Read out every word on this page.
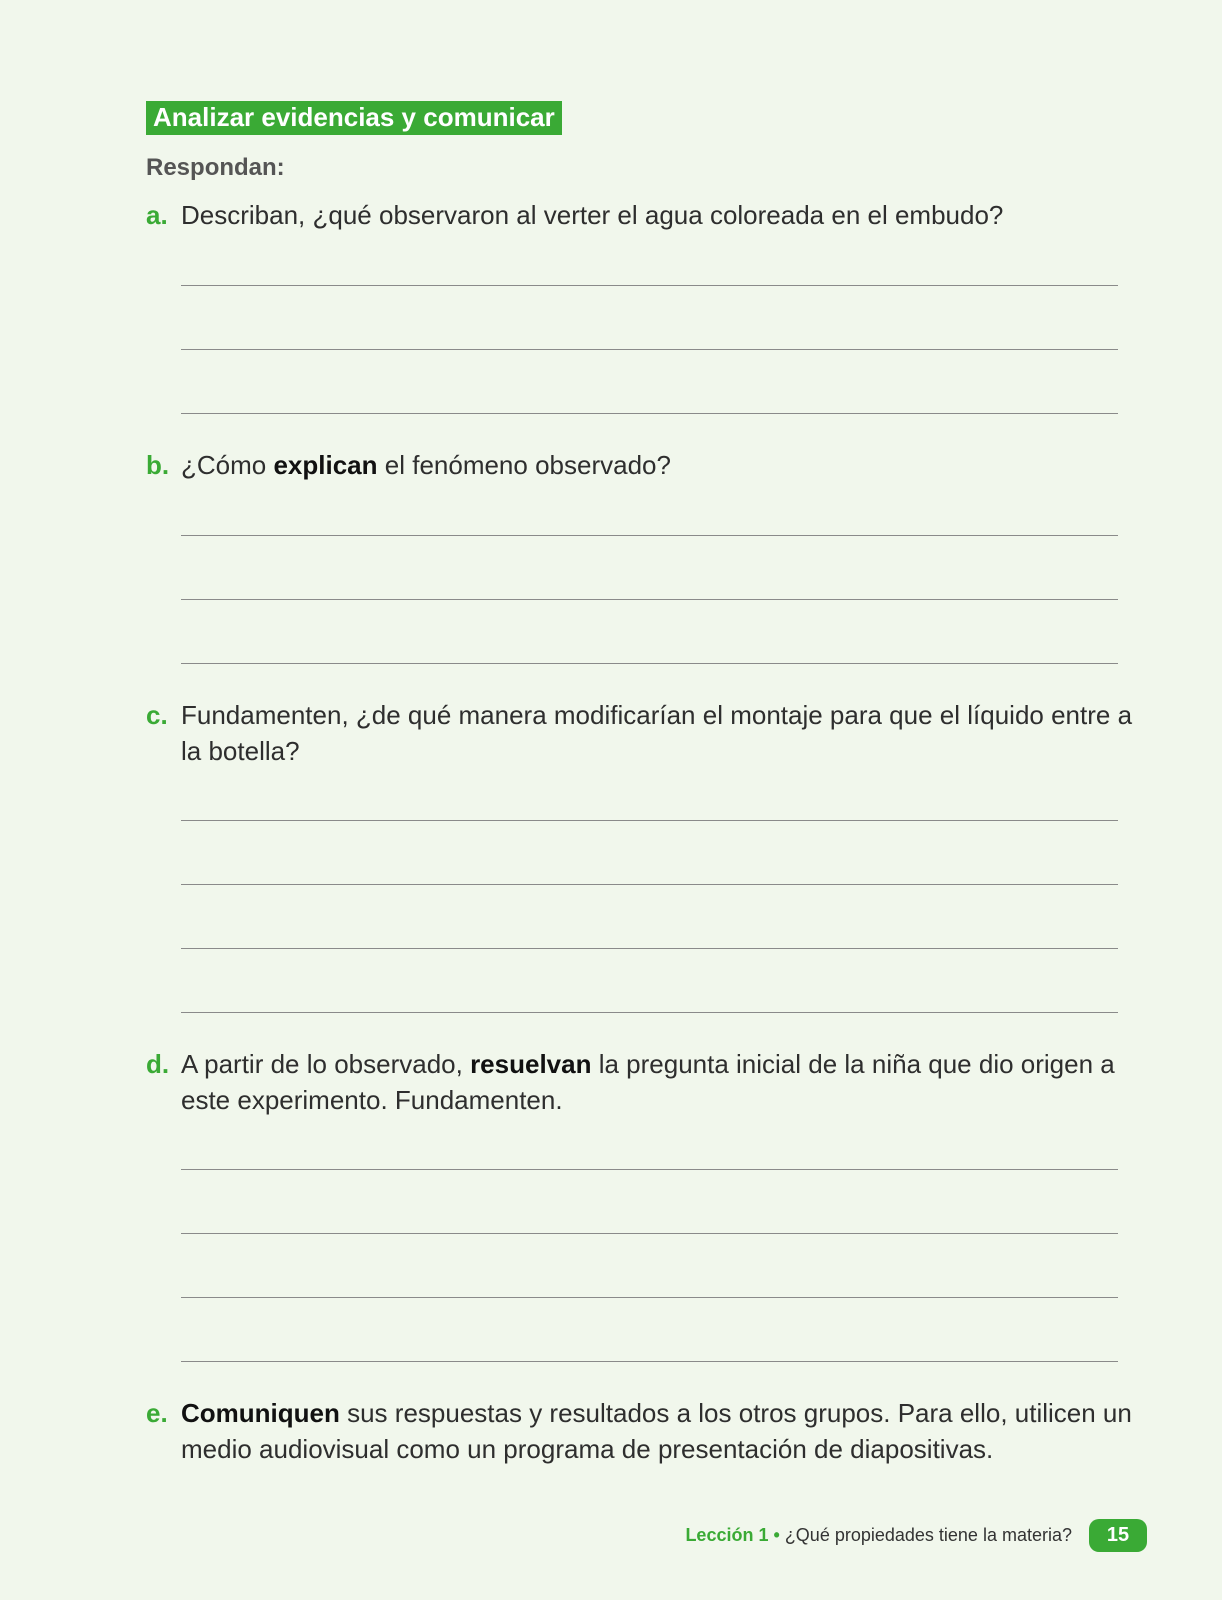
Analizar evidencias y comunicar
Respondan:
a. Describan, ¿qué observaron al verter el agua coloreada en el embudo?
b. ¿Cómo explican el fenómeno observado?
c. Fundamenten, ¿de qué manera modificarían el montaje para que el líquido entre a la botella?
d. A partir de lo observado, resuelvan la pregunta inicial de la niña que dio origen a este experimento. Fundamenten.
e. Comuniquen sus respuestas y resultados a los otros grupos. Para ello, utilicen un medio audiovisual como un programa de presentación de diapositivas.
Lección 1 • ¿Qué propiedades tiene la materia?	15
